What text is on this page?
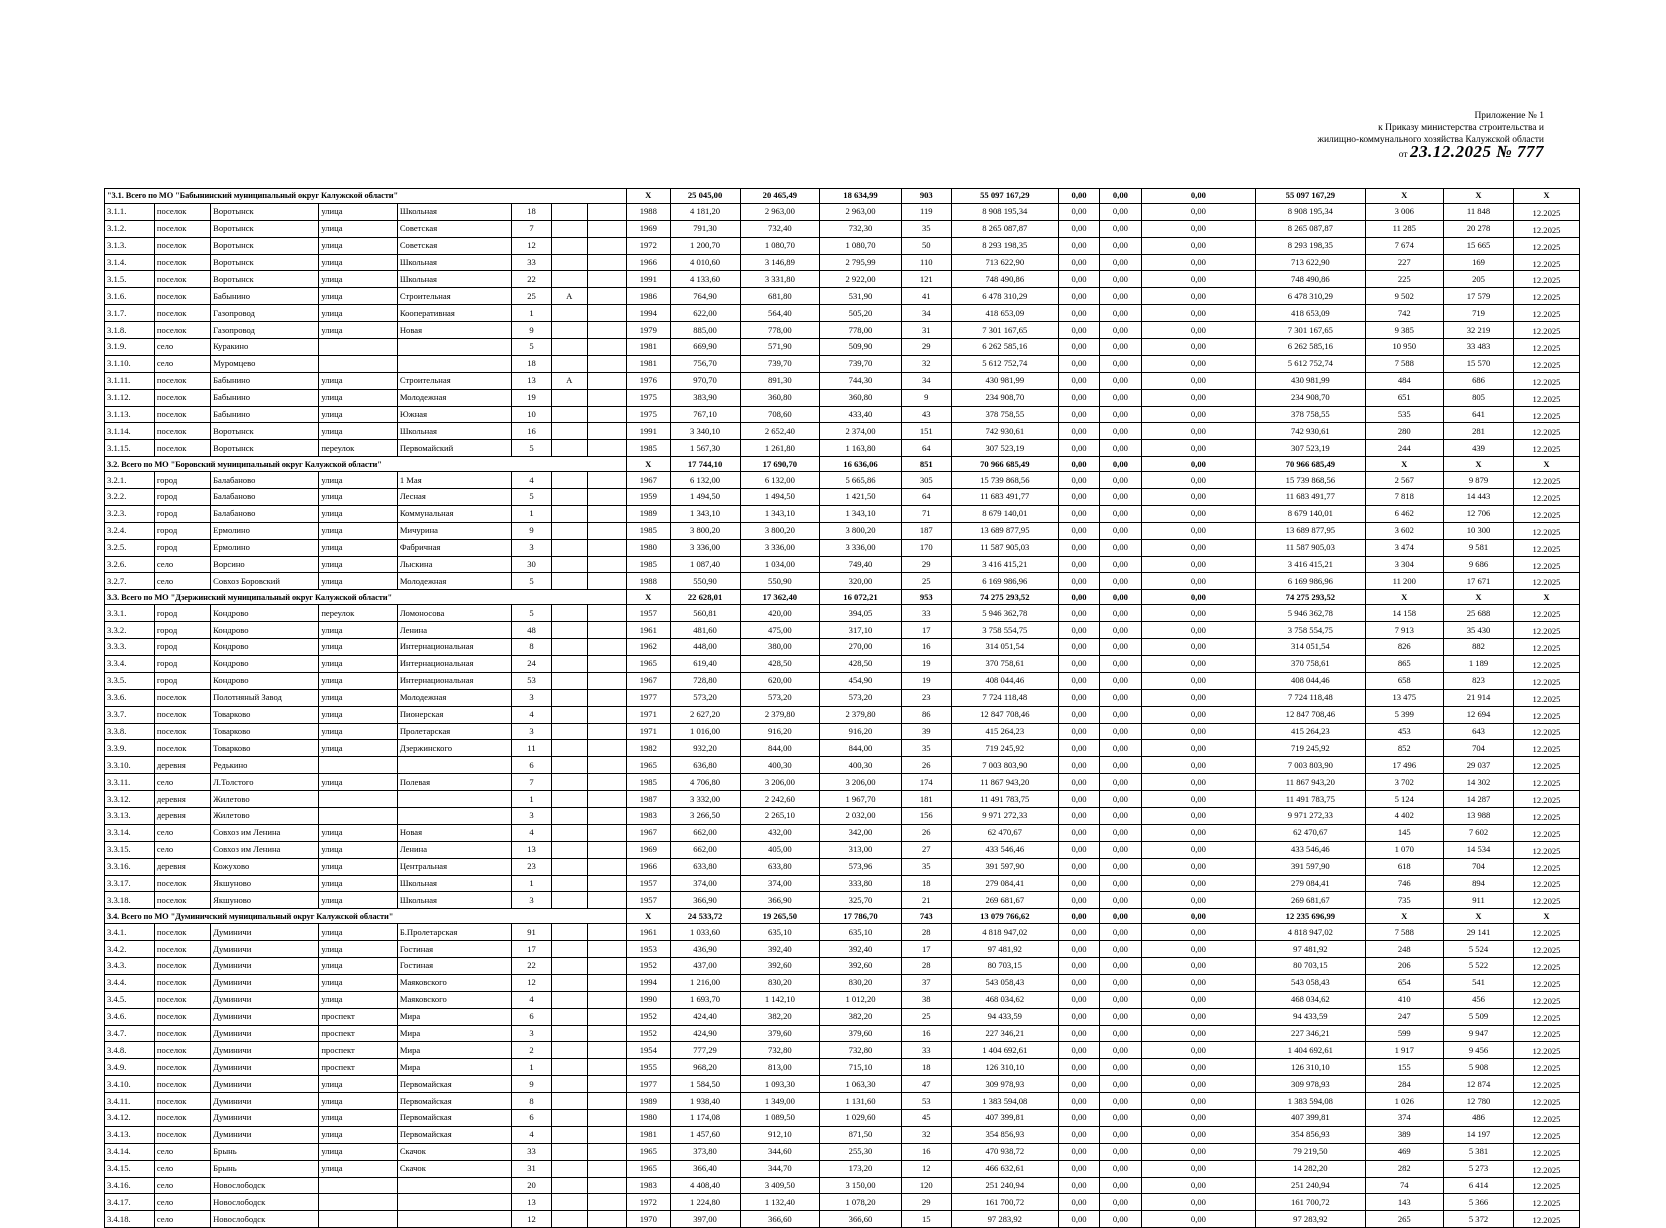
Приложение № 1
к Приказу министерства строительства и
жилищно-коммунального хозяйства Калужской области
от 23.12.2025 № 777
"3.1. Всего по МО "Бабынинский муниципальный округ Калужской области"								X	25 045,00	20 465,49	18 634,99	903	55 097 167,29	0,00	0,00	0,00	55 097 167,29	X	X	X
3.1.1.	поселок	Воротынск	улица	Школьная	18			1988	4 181,20	2 963,00	2 963,00	119	8 908 195,34	0,00	0,00	0,00	8 908 195,34	3 006	11 848	12.2025
3.1.2.	поселок	Воротынск	улица	Советская	7			1969	791,30	732,40	732,30	35	8 265 087,87	0,00	0,00	0,00	8 265 087,87	11 285	20 278	12.2025
3.1.3.	поселок	Воротынск	улица	Советская	12			1972	1 200,70	1 080,70	1 080,70	50	8 293 198,35	0,00	0,00	0,00	8 293 198,35	7 674	15 665	12.2025
3.1.4.	поселок	Воротынск	улица	Школьная	33			1966	4 010,60	3 146,89	2 795,99	110	713 622,90	0,00	0,00	0,00	713 622,90	227	169	12.2025
3.1.5.	поселок	Воротынск	улица	Школьная	22			1991	4 133,60	3 331,80	2 922,00	121	748 490,86	0,00	0,00	0,00	748 490,86	225	205	12.2025
3.1.6.	поселок	Бабынино	улица	Строительная	25	А		1986	764,90	681,80	531,90	41	6 478 310,29	0,00	0,00	0,00	6 478 310,29	9 502	17 579	12.2025
3.1.7.	поселок	Газопровод	улица	Кооперативная	1			1994	622,00	564,40	505,20	34	418 653,09	0,00	0,00	0,00	418 653,09	742	719	12.2025
3.1.8.	поселок	Газопровод	улица	Новая	9			1979	885,00	778,00	778,00	31	7 301 167,65	0,00	0,00	0,00	7 301 167,65	9 385	32 219	12.2025
3.1.9.	село	Куракино			5			1981	669,90	571,90	509,90	29	6 262 585,16	0,00	0,00	0,00	6 262 585,16	10 950	33 483	12.2025
3.1.10.	село	Муромцево			18			1981	756,70	739,70	739,70	32	5 612 752,74	0,00	0,00	0,00	5 612 752,74	7 588	15 570	12.2025
3.1.11.	поселок	Бабынино	улица	Строительная	13	А		1976	970,70	891,30	744,30	34	430 981,99	0,00	0,00	0,00	430 981,99	484	686	12.2025
3.1.12.	поселок	Бабынино	улица	Молодежная	19			1975	383,90	360,80	360,80	9	234 908,70	0,00	0,00	0,00	234 908,70	651	805	12.2025
3.1.13.	поселок	Бабынино	улица	Южная	10			1975	767,10	708,60	433,40	43	378 758,55	0,00	0,00	0,00	378 758,55	535	641	12.2025
3.1.14.	поселок	Воротынск	улица	Школьная	16			1991	3 340,10	2 652,40	2 374,00	151	742 930,61	0,00	0,00	0,00	742 930,61	280	281	12.2025
3.1.15.	поселок	Воротынск	переулок	Первомайский	5			1985	1 567,30	1 261,80	1 163,80	64	307 523,19	0,00	0,00	0,00	307 523,19	244	439	12.2025
3.2. Всего по МО "Боровский муниципальный округ Калужской области"								X	17 744,10	17 690,70	16 636,06	851	70 966 685,49	0,00	0,00	0,00	70 966 685,49	X	X	X
3.2.1.	город	Балабаново	улица	1 Мая	4			1967	6 132,00	6 132,00	5 665,86	305	15 739 868,56	0,00	0,00	0,00	15 739 868,56	2 567	9 879	12.2025
3.2.2.	город	Балабаново	улица	Лесная	5			1959	1 494,50	1 494,50	1 421,50	64	11 683 491,77	0,00	0,00	0,00	11 683 491,77	7 818	14 443	12.2025
3.2.3.	город	Балабаново	улица	Коммунальная	1			1989	1 343,10	1 343,10	1 343,10	71	8 679 140,01	0,00	0,00	0,00	8 679 140,01	6 462	12 706	12.2025
3.2.4.	город	Ермолино	улица	Мичурина	9			1985	3 800,20	3 800,20	3 800,20	187	13 689 877,95	0,00	0,00	0,00	13 689 877,95	3 602	10 300	12.2025
3.2.5.	город	Ермолино	улица	Фабричная	3			1980	3 336,00	3 336,00	3 336,00	170	11 587 905,03	0,00	0,00	0,00	11 587 905,03	3 474	9 581	12.2025
3.2.6.	село	Ворсино	улица	Лыскина	30			1985	1 087,40	1 034,00	749,40	29	3 416 415,21	0,00	0,00	0,00	3 416 415,21	3 304	9 686	12.2025
3.2.7.	село	Совхоз Боровский	улица	Молодежная	5			1988	550,90	550,90	320,00	25	6 169 986,96	0,00	0,00	0,00	6 169 986,96	11 200	17 671	12.2025
3.3. Всего по МО "Дзержинский муниципальный округ Калужской области"								X	22 628,01	17 362,40	16 072,21	953	74 275 293,52	0,00	0,00	0,00	74 275 293,52	X	X	X
3.3.1.	город	Кондрово	переулок	Ломоносова	5			1957	560,81	420,00	394,05	33	5 946 362,78	0,00	0,00	0,00	5 946 362,78	14 158	25 688	12.2025
3.3.2.	город	Кондрово	улица	Ленина	48			1961	481,60	475,00	317,10	17	3 758 554,75	0,00	0,00	0,00	3 758 554,75	7 913	35 430	12.2025
3.3.3.	город	Кондрово	улица	Интернациональная	8			1962	448,00	380,00	270,00	16	314 051,54	0,00	0,00	0,00	314 051,54	826	882	12.2025
3.3.4.	город	Кондрово	улица	Интернациональная	24			1965	619,40	428,50	428,50	19	370 758,61	0,00	0,00	0,00	370 758,61	865	1 189	12.2025
3.3.5.	город	Кондрово	улица	Интернациональная	53			1967	728,80	620,00	454,90	19	408 044,46	0,00	0,00	0,00	408 044,46	658	823	12.2025
3.3.6.	поселок	Полотняный Завод	улица	Молодежная	3			1977	573,20	573,20	573,20	23	7 724 118,48	0,00	0,00	0,00	7 724 118,48	13 475	21 914	12.2025
3.3.7.	поселок	Товарково	улица	Пионерская	4			1971	2 627,20	2 379,80	2 379,80	86	12 847 708,46	0,00	0,00	0,00	12 847 708,46	5 399	12 694	12.2025
3.3.8.	поселок	Товарково	улица	Пролетарская	3			1971	1 016,00	916,20	916,20	39	415 264,23	0,00	0,00	0,00	415 264,23	453	643	12.2025
3.3.9.	поселок	Товарково	улица	Дзержинского	11			1982	932,20	844,00	844,00	35	719 245,92	0,00	0,00	0,00	719 245,92	852	704	12.2025
3.3.10.	деревня	Редькино			6			1965	636,80	400,30	400,30	26	7 003 803,90	0,00	0,00	0,00	7 003 803,90	17 496	29 037	12.2025
3.3.11.	село	Л.Толстого	улица	Полевая	7			1985	4 706,80	3 206,00	3 206,00	174	11 867 943,20	0,00	0,00	0,00	11 867 943,20	3 702	14 302	12.2025
3.3.12.	деревня	Жилетово			1			1987	3 332,00	2 242,60	1 967,70	181	11 491 783,75	0,00	0,00	0,00	11 491 783,75	5 124	14 287	12.2025
3.3.13.	деревня	Жилетово			3			1983	3 266,50	2 265,10	2 032,00	156	9 971 272,33	0,00	0,00	0,00	9 971 272,33	4 402	13 988	12.2025
3.3.14.	село	Совхоз им Ленина	улица	Новая	4			1967	662,00	432,00	342,00	26	62 470,67	0,00	0,00	0,00	62 470,67	145	7 602	12.2025
3.3.15.	село	Совхоз им Ленина	улица	Ленина	13			1969	662,00	405,00	313,00	27	433 546,46	0,00	0,00	0,00	433 546,46	1 070	14 534	12.2025
3.3.16.	деревня	Кожухово	улица	Центральная	23			1966	633,80	633,80	573,96	35	391 597,90	0,00	0,00	0,00	391 597,90	618	704	12.2025
3.3.17.	поселок	Якшуново	улица	Школьная	1			1957	374,00	374,00	333,80	18	279 084,41	0,00	0,00	0,00	279 084,41	746	894	12.2025
3.3.18.	поселок	Якшуново	улица	Школьная	3			1957	366,90	366,90	325,70	21	269 681,67	0,00	0,00	0,00	269 681,67	735	911	12.2025
3.4. Всего по МО "Думиничский муниципальный округ Калужской области"								X	24 533,72	19 265,50	17 786,70	743	13 079 766,62	0,00	0,00	0,00	12 235 696,99	X	X	X
3.4.1.	поселок	Думиничи	улица	Б.Пролетарская	91			1961	1 033,60	635,10	635,10	28	4 818 947,02	0,00	0,00	0,00	4 818 947,02	7 588	29 141	12.2025
3.4.2.	поселок	Думиничи	улица	Гостиная	17			1953	436,90	392,40	392,40	17	97 481,92	0,00	0,00	0,00	97 481,92	248	5 524	12.2025
3.4.3.	поселок	Думиничи	улица	Гостиная	22			1952	437,00	392,60	392,60	28	80 703,15	0,00	0,00	0,00	80 703,15	206	5 522	12.2025
3.4.4.	поселок	Думиничи	улица	Маяковского	12			1994	1 216,00	830,20	830,20	37	543 058,43	0,00	0,00	0,00	543 058,43	654	541	12.2025
3.4.5.	поселок	Думиничи	улица	Маяковского	4			1990	1 693,70	1 142,10	1 012,20	38	468 034,62	0,00	0,00	0,00	468 034,62	410	456	12.2025
3.4.6.	поселок	Думиничи	проспект	Мира	6			1952	424,40	382,20	382,20	25	94 433,59	0,00	0,00	0,00	94 433,59	247	5 509	12.2025
3.4.7.	поселок	Думиничи	проспект	Мира	3			1952	424,90	379,60	379,60	16	227 346,21	0,00	0,00	0,00	227 346,21	599	9 947	12.2025
3.4.8.	поселок	Думиничи	проспект	Мира	2			1954	777,29	732,80	732,80	33	1 404 692,61	0,00	0,00	0,00	1 404 692,61	1 917	9 456	12.2025
3.4.9.	поселок	Думиничи	проспект	Мира	1			1955	968,20	813,00	715,10	18	126 310,10	0,00	0,00	0,00	126 310,10	155	5 908	12.2025
3.4.10.	поселок	Думиничи	улица	Первомайская	9			1977	1 584,50	1 093,30	1 063,30	47	309 978,93	0,00	0,00	0,00	309 978,93	284	12 874	12.2025
3.4.11.	поселок	Думиничи	улица	Первомайская	8			1989	1 938,40	1 349,00	1 131,60	53	1 383 594,08	0,00	0,00	0,00	1 383 594,08	1 026	12 780	12.2025
3.4.12.	поселок	Думиничи	улица	Первомайская	6			1980	1 174,08	1 089,50	1 029,60	45	407 399,81	0,00	0,00	0,00	407 399,81	374	486	12.2025
3.4.13.	поселок	Думиничи	улица	Первомайская	4			1981	1 457,60	912,10	871,50	32	354 856,93	0,00	0,00	0,00	354 856,93	389	14 197	12.2025
3.4.14.	село	Брынь	улица	Скачок	33			1965	373,80	344,60	255,30	16	470 938,72	0,00	0,00	0,00	79 219,50	469	5 381	12.2025
3.4.15.	село	Брынь	улица	Скачок	31			1965	366,40	344,70	173,20	12	466 632,61	0,00	0,00	0,00	14 282,20	282	5 273	12.2025
3.4.16.	село	Новослободск			20			1983	4 408,40	3 409,50	3 150,00	120	251 240,94	0,00	0,00	0,00	251 240,94	74	6 414	12.2025
3.4.17.	село	Новослободск			13			1972	1 224,80	1 132,40	1 078,20	29	161 700,72	0,00	0,00	0,00	161 700,72	143	5 366	12.2025
3.4.18.	село	Новослободск			12			1970	397,00	366,60	366,60	15	97 283,92	0,00	0,00	0,00	97 283,92	265	5 372	12.2025
